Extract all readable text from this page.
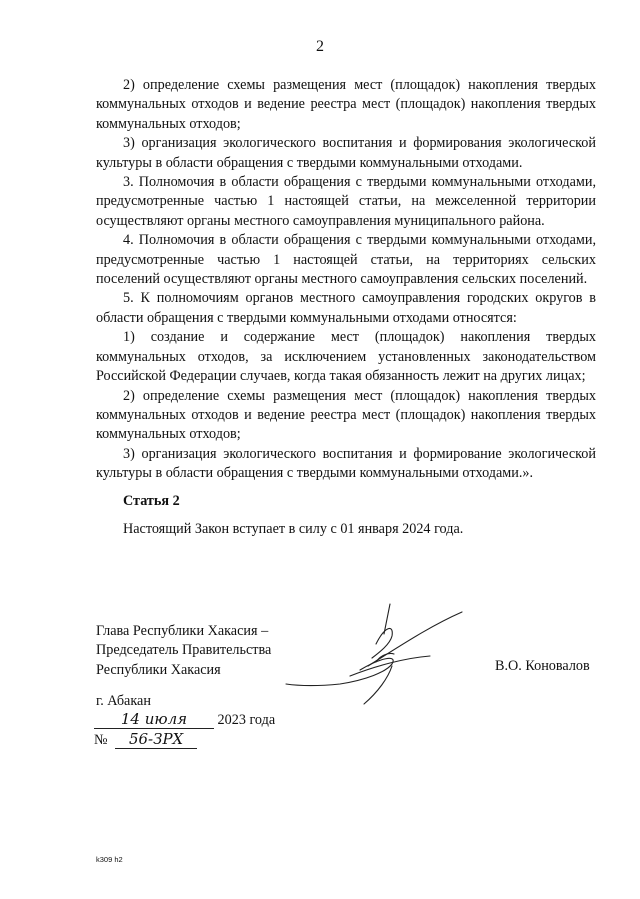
2

2) определение схемы размещения мест (площадок) накопления твердых коммунальных отходов и ведение реестра мест (площадок) накопления твердых коммунальных отходов;

3) организация экологического воспитания и формирования экологической культуры в области обращения с твердыми коммунальными отходами.

3. Полномочия в области обращения с твердыми коммунальными отходами, предусмотренные частью 1 настоящей статьи, на межселенной территории осуществляют органы местного самоуправления муниципального района.

4. Полномочия в области обращения с твердыми коммунальными отходами, предусмотренные частью 1 настоящей статьи, на территориях сельских поселений осуществляют органы местного самоуправления сельских поселений.

5. К полномочиям органов местного самоуправления городских округов в области обращения с твердыми коммунальными отходами относятся:

1) создание и содержание мест (площадок) накопления твердых коммунальных отходов, за исключением установленных законодательством Российской Федерации случаев, когда такая обязанность лежит на других лицах;

2) определение схемы размещения мест (площадок) накопления твердых коммунальных отходов и ведение реестра мест (площадок) накопления твердых коммунальных отходов;

3) организация экологического воспитания и формирование экологической культуры в области обращения с твердыми коммунальными отходами.».

Статья 2
Настоящий Закон вступает в силу с 01 января 2024 года.
Глава Республики Хакасия –
Председатель Правительства
Республики Хакасия	В.О. Коновалов
г. Абакан
14 июля 2023 года
№ 56-ЗРХ
k309 h2
